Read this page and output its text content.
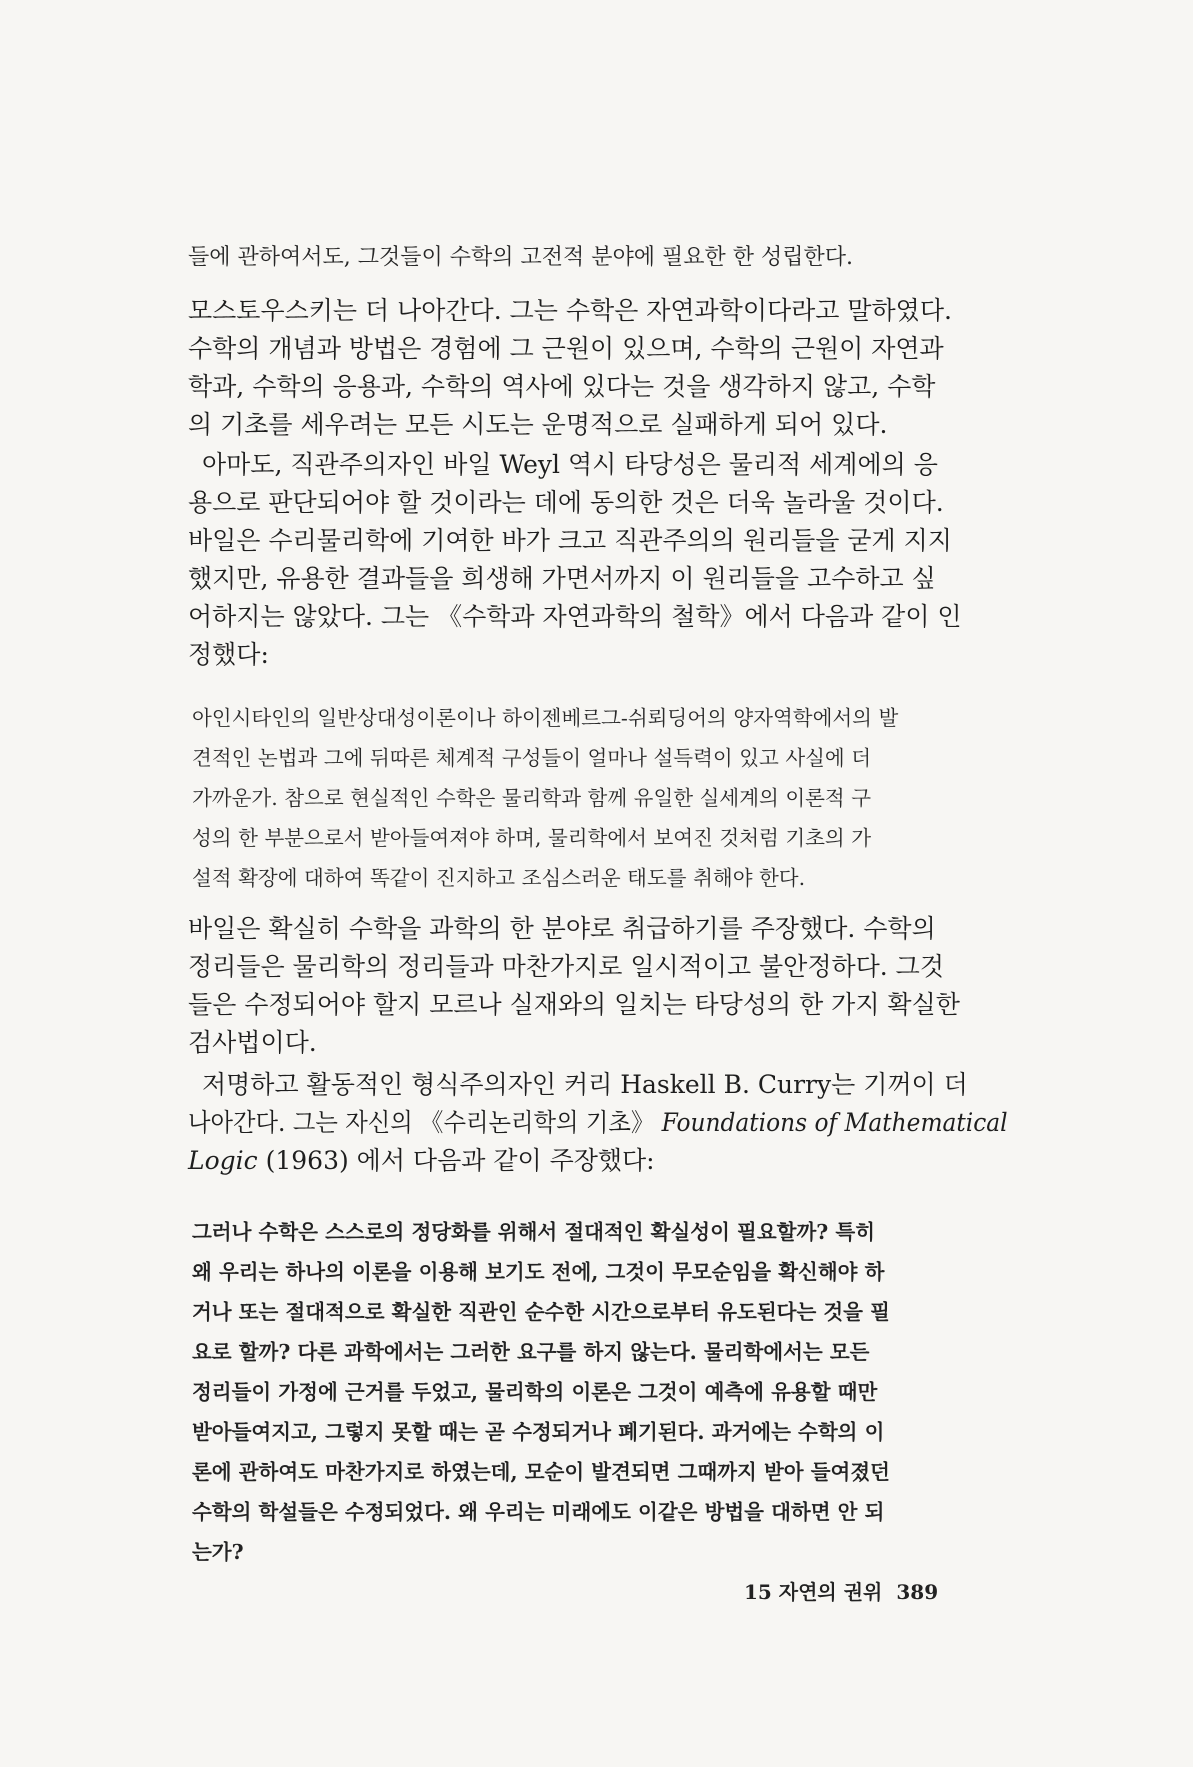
들에 관하여서도, 그것들이 수학의 고전적 분야에 필요한 한 성립한다.
모스토우스키는 더 나아간다. 그는 수학은 자연과학이다라고 말하였다.
수학의 개념과 방법은 경험에 그 근원이 있으며, 수학의 근원이 자연과
학과, 수학의 응용과, 수학의 역사에 있다는 것을 생각하지 않고, 수학
의 기초를 세우려는 모든 시도는 운명적으로 실패하게 되어 있다.
아마도, 직관주의자인 바일 Weyl 역시 타당성은 물리적 세계에의 응
용으로 판단되어야 할 것이라는 데에 동의한 것은 더욱 놀라울 것이다.
바일은 수리물리학에 기여한 바가 크고 직관주의의 원리들을 굳게 지지
했지만, 유용한 결과들을 희생해 가면서까지 이 원리들을 고수하고 싶
어하지는 않았다. 그는 《수학과 자연과학의 철학》에서 다음과 같이 인
정했다:
아인시타인의 일반상대성이론이나 하이젠베르그-쉬뢰딩어의 양자역학에서의 발
견적인 논법과 그에 뒤따른 체계적 구성들이 얼마나 설득력이 있고 사실에 더
가까운가. 참으로 현실적인 수학은 물리학과 함께 유일한 실세계의 이론적 구
성의 한 부분으로서 받아들여져야 하며, 물리학에서 보여진 것처럼 기초의 가
설적 확장에 대하여 똑같이 진지하고 조심스러운 태도를 취해야 한다.
바일은 확실히 수학을 과학의 한 분야로 취급하기를 주장했다. 수학의
정리들은 물리학의 정리들과 마찬가지로 일시적이고 불안정하다. 그것
들은 수정되어야 할지 모르나 실재와의 일치는 타당성의 한 가지 확실한
검사법이다.
저명하고 활동적인 형식주의자인 커리 Haskell B. Curry는 기꺼이 더
나아간다. 그는 자신의 《수리논리학의 기초》 Foundations of Mathematical
Logic (1963) 에서 다음과 같이 주장했다:
그러나 수학은 스스로의 정당화를 위해서 절대적인 확실성이 필요할까? 특히
왜 우리는 하나의 이론을 이용해 보기도 전에, 그것이 무모순임을 확신해야 하
거나 또는 절대적으로 확실한 직관인 순수한 시간으로부터 유도된다는 것을 필
요로 할까? 다른 과학에서는 그러한 요구를 하지 않는다. 물리학에서는 모든
정리들이 가정에 근거를 두었고, 물리학의 이론은 그것이 예측에 유용할 때만
받아들여지고, 그렇지 못할 때는 곧 수정되거나 폐기된다. 과거에는 수학의 이
론에 관하여도 마찬가지로 하였는데, 모순이 발견되면 그때까지 받아 들여졌던
수학의 학설들은 수정되었다. 왜 우리는 미래에도 이같은 방법을 대하면 안 되
는가?
15 자연의 권위 389
